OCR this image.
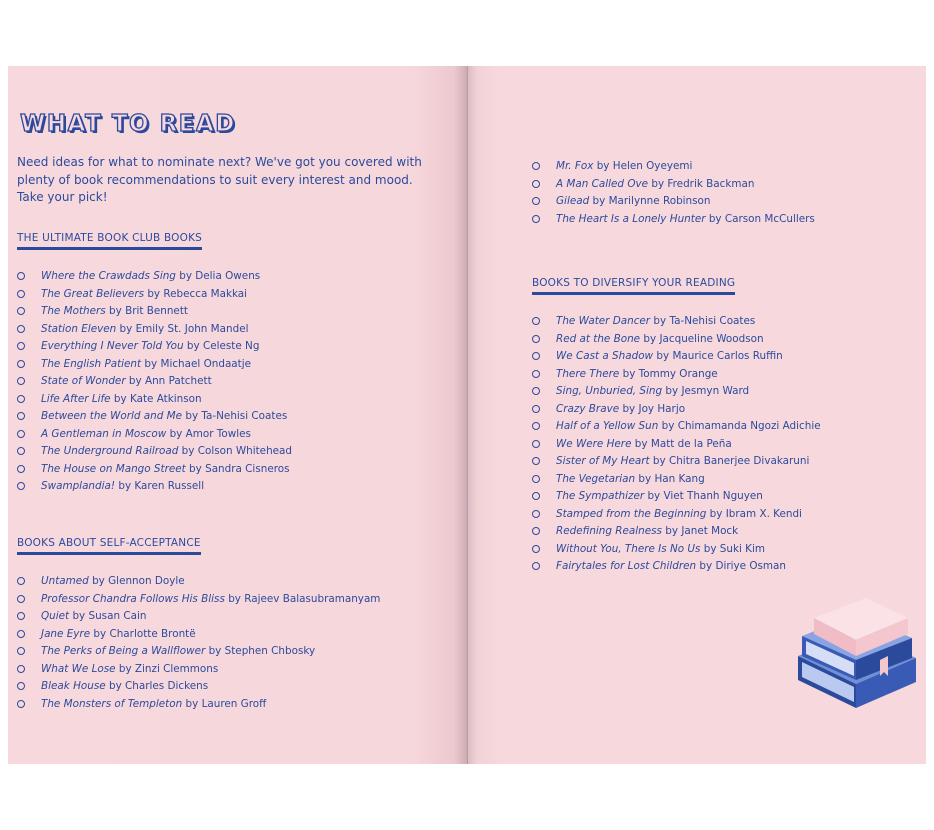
WHAT TO READ

Need ideas for what to nominate next? We've got you covered with plenty of book recommendations to suit every interest and mood. Take your pick!

THE ULTIMATE BOOK CLUB BOOKS
Where the Crawdads Sing by Delia Owens
The Great Believers by Rebecca Makkai
The Mothers by Brit Bennett
Station Eleven by Emily St. John Mandel
Everything I Never Told You by Celeste Ng
The English Patient by Michael Ondaatje
State of Wonder by Ann Patchett
Life After Life by Kate Atkinson
Between the World and Me by Ta-Nehisi Coates
A Gentleman in Moscow by Amor Towles
The Underground Railroad by Colson Whitehead
The House on Mango Street by Sandra Cisneros
Swamplandia! by Karen Russell
BOOKS ABOUT SELF-ACCEPTANCE
Untamed by Glennon Doyle
Professor Chandra Follows His Bliss by Rajeev Balasubramanyam
Quiet by Susan Cain
Jane Eyre by Charlotte Brontë
The Perks of Being a Wallflower by Stephen Chbosky
What We Lose by Zinzi Clemmons
Bleak House by Charles Dickens
The Monsters of Templeton by Lauren Groff
Mr. Fox by Helen Oyeyemi
A Man Called Ove by Fredrik Backman
Gilead by Marilynne Robinson
The Heart Is a Lonely Hunter by Carson McCullers
BOOKS TO DIVERSIFY YOUR READING
The Water Dancer by Ta-Nehisi Coates
Red at the Bone by Jacqueline Woodson
We Cast a Shadow by Maurice Carlos Ruffin
There There by Tommy Orange
Sing, Unburied, Sing by Jesmyn Ward
Crazy Brave by Joy Harjo
Half of a Yellow Sun by Chimamanda Ngozi Adichie
We Were Here by Matt de la Peña
Sister of My Heart by Chitra Banerjee Divakaruni
The Vegetarian by Han Kang
The Sympathizer by Viet Thanh Nguyen
Stamped from the Beginning by Ibram X. Kendi
Redefining Realness by Janet Mock
Without You, There Is No Us by Suki Kim
Fairytales for Lost Children by Diriye Osman
